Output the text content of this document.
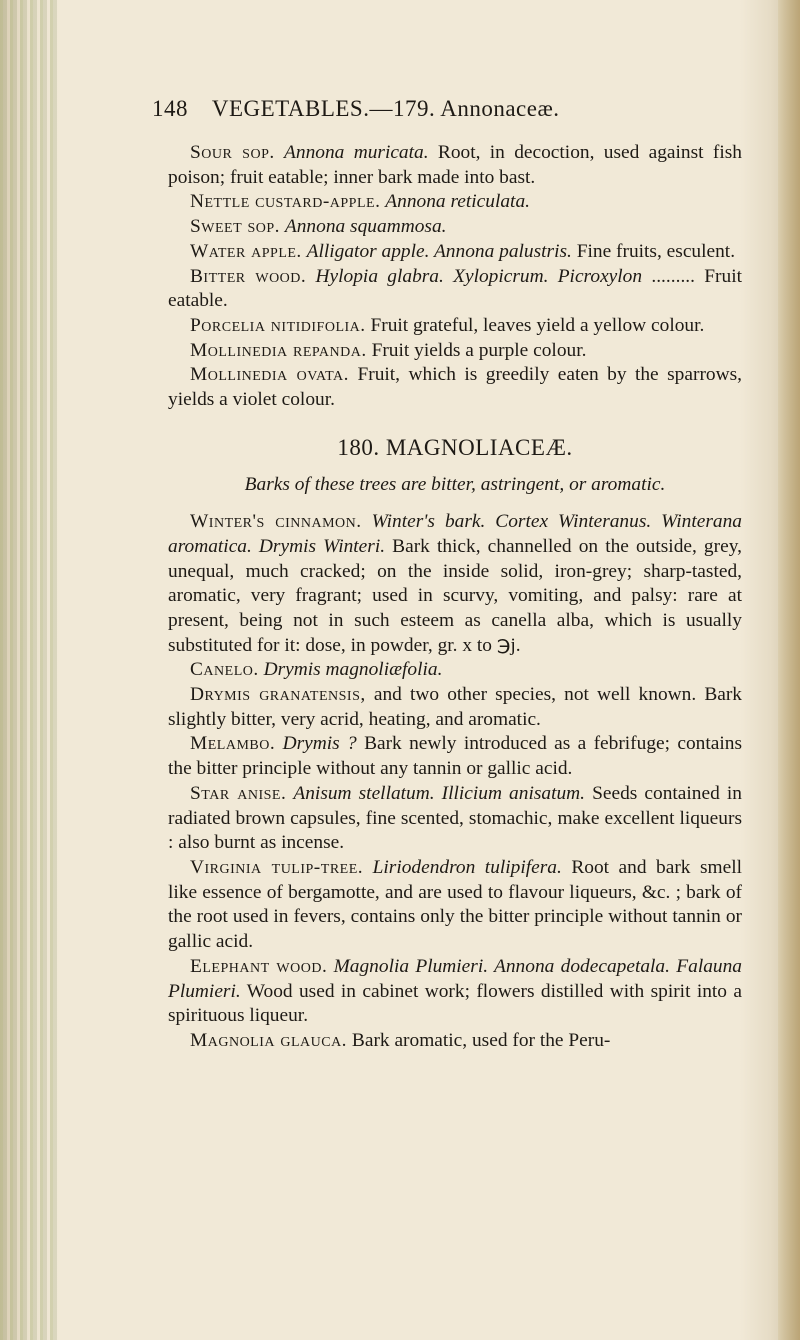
148 VEGETABLES.—179. Annonaceæ.

Sour sop. Annona muricata. Root, in decoction, used against fish poison; fruit eatable; inner bark made into bast.

Nettle custard-apple. Annona reticulata.

Sweet sop. Annona squammosa.

Water apple. Alligator apple. Annona palustris. Fine fruits, esculent.

Bitter wood. Hylopia glabra. Xylopicrum. Picroxylon ......... Fruit eatable.

Porcelia nitidifolia. Fruit grateful, leaves yield a yellow colour.

Mollinedia repanda. Fruit yields a purple colour.

Mollinedia ovata. Fruit, which is greedily eaten by the sparrows, yields a violet colour.

180. MAGNOLIACEÆ.
Barks of these trees are bitter, astringent, or aromatic.

Winter's cinnamon. Winter's bark. Cortex Winteranus. Winterana aromatica. Drymis Winteri. Bark thick, channelled on the outside, grey, unequal, much cracked; on the inside solid, iron-grey; sharp-tasted, aromatic, very fragrant; used in scurvy, vomiting, and palsy: rare at present, being not in such esteem as canella alba, which is usually substituted for it: dose, in powder, gr. x to ℈j.

Canelo. Drymis magnoliæfolia.

Drymis granatensis, and two other species, not well known. Bark slightly bitter, very acrid, heating, and aromatic.

Melambo. Drymis ? Bark newly introduced as a febrifuge; contains the bitter principle without any tannin or gallic acid.

Star anise. Anisum stellatum. Illicium anisatum. Seeds contained in radiated brown capsules, fine scented, stomachic, make excellent liqueurs : also burnt as incense.

Virginia tulip-tree. Liriodendron tulipifera. Root and bark smell like essence of bergamotte, and are used to flavour liqueurs, &c. ; bark of the root used in fevers, contains only the bitter principle without tannin or gallic acid.

Elephant wood. Magnolia Plumieri. Annona dodecapetala. Falauna Plumieri. Wood used in cabinet work; flowers distilled with spirit into a spirituous liqueur.

Magnolia glauca. Bark aromatic, used for the Peru-
